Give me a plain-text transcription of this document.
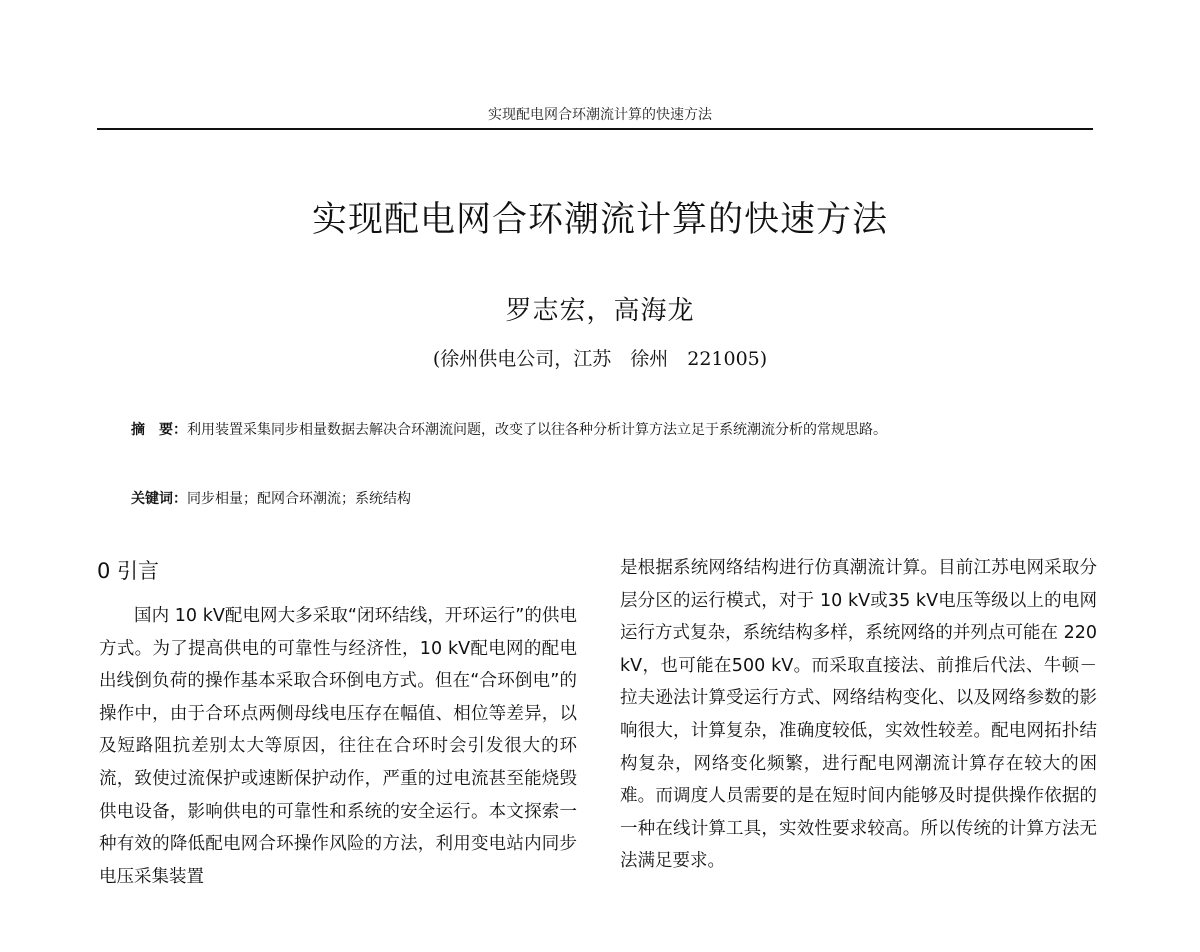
实现配电网合环潮流计算的快速方法
实现配电网合环潮流计算的快速方法
罗志宏，高海龙
(徐州供电公司，江苏　徐州　221005)
摘　要：利用装置采集同步相量数据去解决合环潮流问题，改变了以往各种分析计算方法立足于系统潮流分析的常规思路。
关键词：同步相量；配网合环潮流；系统结构
0 引言
国内 10 kV配电网大多采取“闭环结线，开环运行”的供电方式。为了提高供电的可靠性与经济性，10 kV配电网的配电出线倒负荷的操作基本采取合环倒电方式。但在“合环倒电”的操作中，由于合环点两侧母线电压存在幅值、相位等差异，以及短路阻抗差别太大等原因，往往在合环时会引发很大的环流，致使过流保护或速断保护动作，严重的过电流甚至能烧毁供电设备，影响供电的可靠性和系统的安全运行。本文探索一种有效的降低配电网合环操作风险的方法，利用变电站内同步电压采集装置
是根据系统网络结构进行仿真潮流计算。目前江苏电网采取分层分区的运行模式，对于 10 kV或35 kV电压等级以上的电网运行方式复杂，系统结构多样，系统网络的并列点可能在 220 kV，也可能在500 kV。而采取直接法、前推后代法、牛顿－拉夫逊法计算受运行方式、网络结构变化、以及网络参数的影响很大，计算复杂，准确度较低，实效性较差。配电网拓扑结构复杂，网络变化频繁，进行配电网潮流计算存在较大的困难。而调度人员需要的是在短时间内能够及时提供操作依据的一种在线计算工具，实效性要求较高。所以传统的计算方法无法满足要求。
